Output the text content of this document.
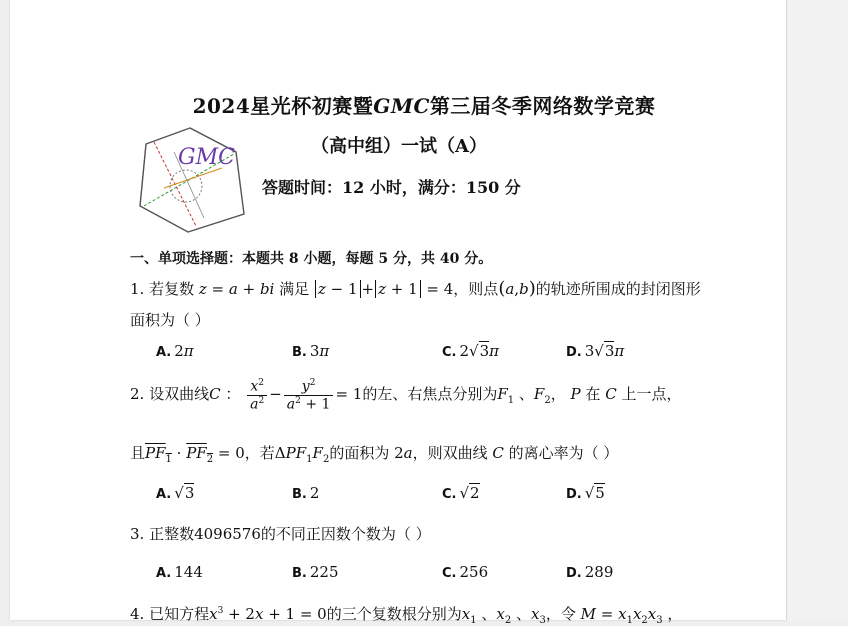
2024星光杯初赛暨GMC第三届冬季网络数学竞赛
GMC	（高中组）一试（A）
答题时间：12 小时，满分：150 分
一、单项选择题：本题共 8 小题，每题 5 分，共 40 分。
1. 若复数 z = a + bi 满足 z − 1 + z + 1 = 4，则点(a,b)的轨迹所围成的封闭图形
面积为（ ）
A. 2π	B. 3π	C. 2√3π	D. 3√3π
2. 设双曲线C ： $\frac{x^2}{a^2} - \frac{y^2}{a^2 + 1} = 1$的左、右焦点分别为$F_1$ 、$F_2$， P 在 C 上一点，
且$PF_1 \cdot PF_2 = 0$，若$\Delta PF_1F_2$的面积为 2a，则双曲线 C 的离心率为（ ）
A. √3	B. 2	C. √2	D. √5
3. 正整数4096576的不同正因数个数为（ ）
A. 144	B. 225	C. 256	D. 289
4. 已知方程$x^3 + 2x + 1 = 0$的三个复数根分别为$x_1$ 、$x_2$ 、$x_3$，令 $M = x_1x_2x_3$ ，
